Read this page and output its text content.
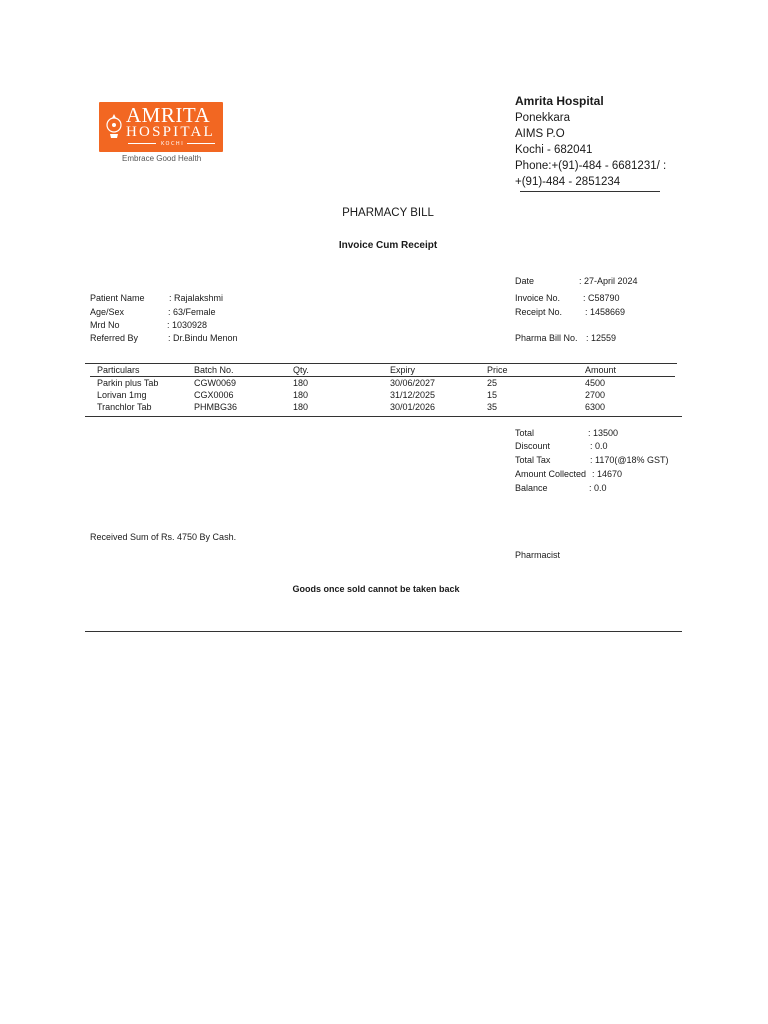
AMRITA
HOSPITAL
KOCHI
Embrace Good Health
Amrita Hospital
Ponekkara
AIMS P.O
Kochi - 682041
Phone:+(91)-484 - 6681231/ :
+(91)-484 - 2851234
PHARMACY BILL
Invoice Cum Receipt
Date	: 27-April 2024
Invoice No.	: C58790
Receipt No.	: 1458669
Pharma Bill No. : 12559
Patient Name	: Rajalakshmi
Age/Sex	: 63/Female
Mrd No	: 1030928
Referred By	: Dr.Bindu Menon
Particulars	Batch No.	Qty.	Expiry	Price	Amount
Parkin plus Tab	CGW0069	180	30/06/2027	25	4500
Lorivan 1mg	CGX0006	180	31/12/2025	15	2700
Tranchlor Tab	PHMBG36	180	30/01/2026	35	6300
Total	: 13500
Discount	: 0.0
Total Tax	: 1170(@18% GST)
Amount Collected : 14670
Balance	: 0.0
Received Sum of Rs. 4750 By Cash.
Pharmacist
Goods once sold cannot be taken back
